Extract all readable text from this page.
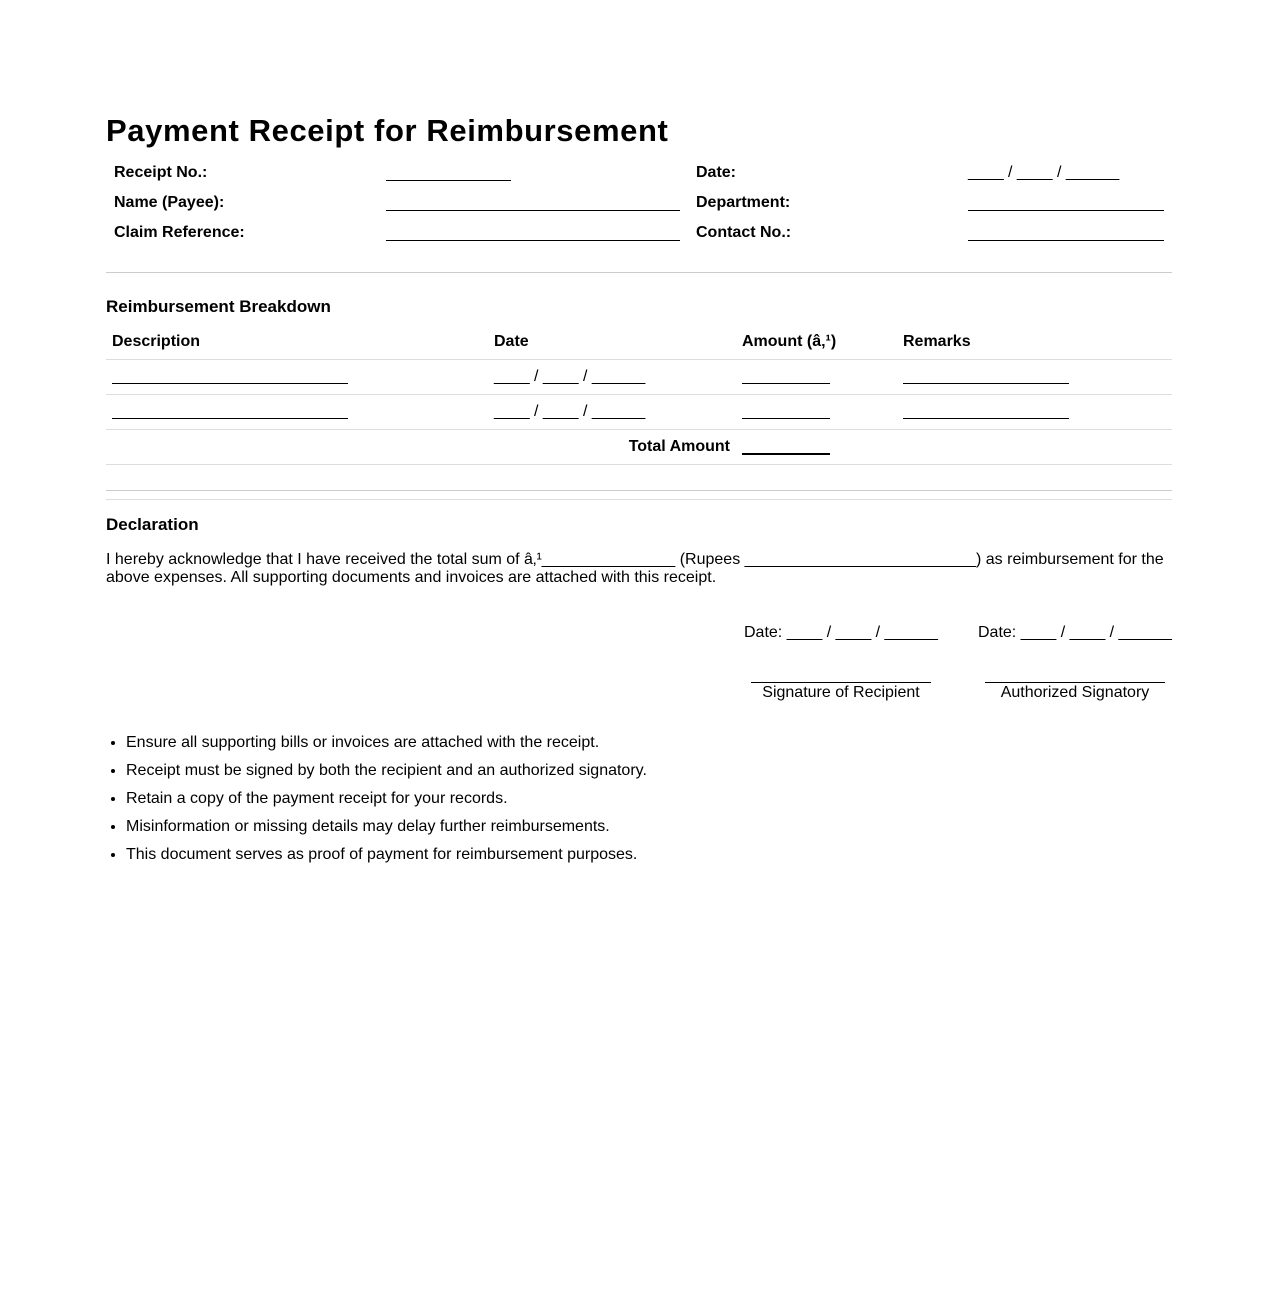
Payment Receipt for Reimbursement
Receipt No.:	Date:	____ / ____ / ______
Name (Payee):	Department:
Claim Reference:	Contact No.:
Reimbursement Breakdown
Description	Date	Amount (â‚¹)	Remarks
	____ / ____ / ______		
	____ / ____ / ______		
Total Amount			

Declaration
I hereby acknowledge that I have received the total sum of â‚¹_______________ (Rupees __________________________) as reimbursement for the above expenses. All supporting documents and invoices are attached with this receipt.
Date: ____ / ____ / ______	Date: ____ / ____ / ______
Signature of Recipient	Authorized Signatory
• Ensure all supporting bills or invoices are attached with the receipt.
• Receipt must be signed by both the recipient and an authorized signatory.
• Retain a copy of the payment receipt for your records.
• Misinformation or missing details may delay further reimbursements.
• This document serves as proof of payment for reimbursement purposes.
